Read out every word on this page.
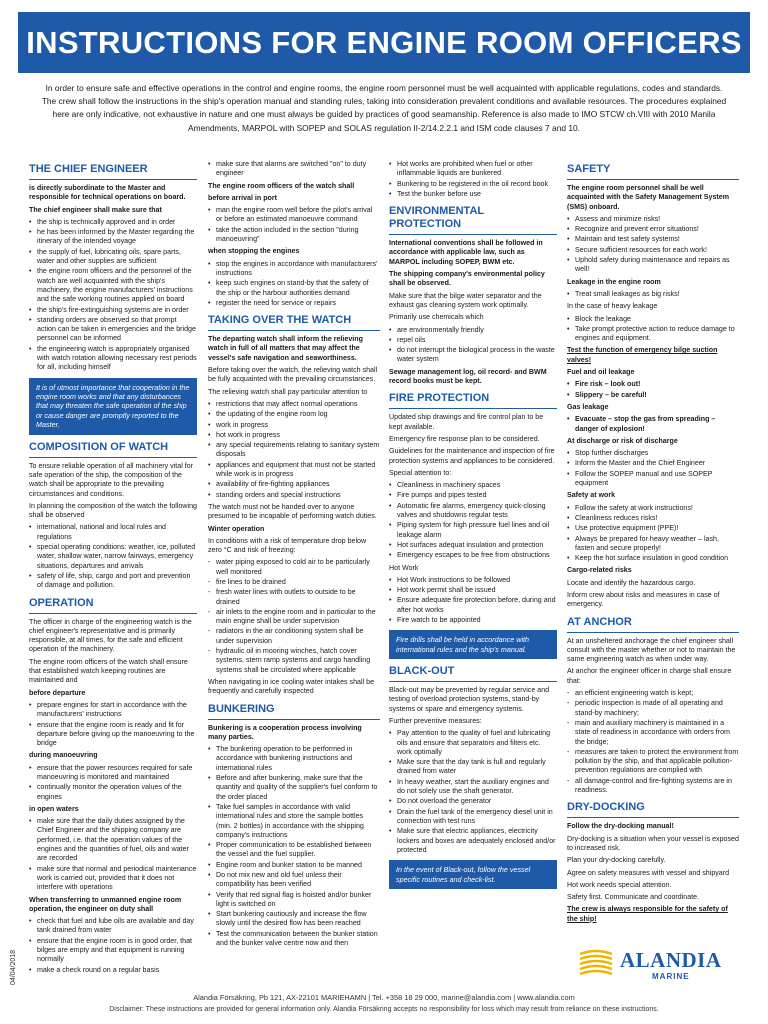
INSTRUCTIONS FOR ENGINE ROOM OFFICERS

In order to ensure safe and effective operations in the control and engine rooms, the engine room personnel must be well acquainted with applicable regulations, codes and standards. The crew shall follow the instructions in the ship's operation manual and standing rules, taking into consideration prevalent conditions and available resources. The procedures explained here are only indicative, not exhaustive in nature and one must always be guided by practices of good seamanship. Reference is also made to IMO STCW ch.VIII with 2010 Manila Amendments, MARPOL with SOPEP and SOLAS regulation II-2/14.2.2.1 and ISM code clauses 7 and 10.

THE CHIEF ENGINEER

is directly subordinate to the Master and responsible for technical operations on board.

The chief engineer shall make sure that

• the ship is technically approved and in order
• he has been informed by the Master regarding the itinerary of the intended voyage
• the supply of fuel, lubricating oils, spare parts, water and other supplies are sufficient
• the engine room officers and the personnel of the watch are well acquainted with the ship's machinery, the engine manufacturers' instructions and the safe working routines applied on board
• the ship's fire-extinguishing systems are in order
• standing orders are observed so that prompt action can be taken in emergencies and the bridge personnel can be informed
• the engineering watch is appropriately organised with watch rotation allowing necessary rest periods for all, including himself
It is of utmost importance that cooperation in the engine room works and that any disturbances that may threaten the safe operation of the ship or cause danger are promptly reported to the Master.
COMPOSITION OF WATCH

To ensure reliable operation of all machinery vital for safe operation of the ship, the composition of the watch shall be appropriate to the prevailing circumstances and conditions.

In planning the composition of the watch the following shall be observed

• international, national and local rules and regulations
• special operating conditions: weather, ice, polluted water, shallow water, narrow fairways, emergency situations, departures and arrivals
• safety of life, ship, cargo and port and prevention of damage and pollution.
OPERATION

The officer in charge of the engineering watch is the chief engineer's representative and is primarily responsible, at all times, for the safe and efficient operation of the machinery.

The engine room officers of the watch shall ensure that established watch keeping routines are maintained and

before departure

• prepare engines for start in accordance with the manufacturers' instructions
• ensure that the engine room is ready and fit for departure before giving up the manoeuvring to the bridge

during manoeuvring

• ensure that the power resources required for safe manoeuvring is monitored and maintained
• continually monitor the operation values of the engines

in open waters

• make sure that the daily duties assigned by the Chief Engineer and the shipping company are performed, i.e. that the operation values of the engines and the quantities of fuel, oils and water are recorded
• make sure that normal and periodical maintenance work is carried out, provided that it does not interfere with operations

When transferring to unmanned engine room operation, the engineer on duty shall

• check that fuel and lube oils are available and day tank drained from water
• ensure that the engine room is in good order, that bilges are empty and that equipment is running normally
• make a check round on a regular basis
• make sure that alarms are switched "on" to duty engineer

The engine room officers of the watch shall

before arrival in port

• man the engine room well before the pilot's arrival or before an estimated manoeuvre command
• take the action included in the section "during manoeuvring"

when stopping the engines

• stop the engines in accordance with manufacturers' instructions
• keep such engines on stand-by that the safety of the ship or the harbour authorities demand
• register the need for service or repairs
TAKING OVER THE WATCH

The departing watch shall inform the relieving watch in full of all matters that may affect the vessel's safe navigation and seaworthiness.

Before taking over the watch, the relieving watch shall be fully acquainted with the prevailing circumstances.

The relieving watch shall pay particular attention to

• restrictions that may affect normal operations
• the updating of the engine room log
• work in progress
• hot work in progress
• any special requirements relating to sanitary system disposals
• appliances and equipment that must not be started while work is in progress
• availability of fire-fighting appliances
• standing orders and special instructions

The watch must not be handed over to anyone presumed to be incapable of performing watch duties.

Winter operation

In conditions with a risk of temperature drop below zero °C and risk of freezing:

- water piping exposed to cold air to be particularly well monitored
- fire lines to be drained
- fresh water lines with outlets to outside to be drained
- air inlets to the engine room and in particular to the main engine shall be under supervision
- radiators in the air conditioning system shall be under supervision
- hydraulic oil in mooring winches, hatch cover systems, stern ramp systems and cargo handling systems shall be circulated where applicable

When navigating in ice cooling water intakes shall be frequently and carefully inspected

BUNKERING

Bunkering is a cooperation process involving many parties.

• The bunkering operation to be performed in accordance with bunkering instructions and international rules
• Before and after bunkering, make sure that the quantity and quality of the supplier's fuel conform to the order placed
• Take fuel samples in accordance with valid international rules and store the sample bottles (min. 2 bottles) in accordance with the shipping company's instructions
• Proper communication to be established between the vessel and the fuel supplier.
• Engine room and bunker station to be manned
• Do not mix new and old fuel unless their compatibility has been verified
• Verify that red signal flag is hoisted and/or bunker light is switched on
• Start bunkering cautiously and increase the flow slowly until the desired flow has been reached
• Test the communication between the bunker station and the bunker valve centre now and then
• Hot works are prohibited when fuel or other inflammable liquids are bunkered
• Bunkering to be registered in the oil record book
• Test the bunker before use
ENVIRONMENTAL PROTECTION

International conventions shall be followed in accordance with applicable law, such as MARPOL including SOPEP, BWM etc.

The shipping company's environmental policy shall be observed.

Make sure that the bilge water separator and the exhaust gas cleaning system work optimally.

Primarily use chemicals which

• are environmentally friendly
• repel oils
• do not interrupt the biological process in the waste water system

Sewage management log, oil record- and BWM record books must be kept.

FIRE PROTECTION

Updated ship drawings and fire control plan to be kept available.

Emergency fire response plan to be considered.

Guidelines for the maintenance and inspection of fire protection systems and appliances to be considered.

Special attention to:

• Cleanliness in machinery spaces
• Fire pumps and pipes tested
• Automatic fire alarms, emergency quick-closing valves and shutdowns regular tests
• Piping system for high pressure fuel lines and oil leakage alarm
• Hot surfaces adequat insulation and protection
• Emergency escapes to be free from obstructions

Hot Work

• Hot Work instructions to be followed
• Hot work permit shall be issued
• Ensure adequate fire protection before, during and after hot works
• Fire watch to be appointed
Fire drills shall be held in accordance with international rules and the ship's manual.
BLACK-OUT

Black-out may be prevented by regular service and testing of overload protection systems, stand-by systems or spare and emergency systems.

Further preventive measures:

• Pay attention to the quality of fuel and lubricating oils and ensure that separators and filters etc. work optimally
• Make sure that the day tank is full and regularly drained from water
• In heavy weather, start the auxiliary engines and do not solely use the shaft generator.
• Do not overload the generator
• Drain the fuel tank of the emergency diesel unit in connection with test runs
• Make sure that electric appliances, electricity lockers and boxes are adequately enclosed and/or protected
In the event of Black-out, follow the vessel specific routines and check-list.
SAFETY

The engine room personnel shall be well acquainted with the Safety Management System (SMS) onboard.

• Assess and minimize risks!
• Recognize and prevent error situations!
• Maintain and test safety systems!
• Secure sufficient resources for each work!
• Uphold safety during maintenance and repairs as well!

Leakage in the engine room

• Treat small leakages as big risks!

In the case of heavy leakage

• Block the leakage
• Take prompt protective action to reduce damage to engines and equipment.

Test the function of emergency bilge suction valves!

Fuel and oil leakage

• Fire risk – look out!
• Slippery – be careful!

Gas leakage

• Evacuate – stop the gas from spreading – danger of explosion!

At discharge or risk of discharge

• Stop further discharges
• Inform the Master and the Chief Engineer
• Follow the SOPEP manual and use SOPEP equipment

Safety at work

• Follow the safety at work instructions!
• Cleanliness reduces risks!
• Use protective equipment (PPE)!
• Always be prepared for heavy weather – lash, fasten and secure properly!
• Keep the hot surface insulation in good condition

Cargo-related risks

Locate and identify the hazardous cargo.

Inform crew about risks and measures in case of emergency.

AT ANCHOR

At an unsheltered anchorage the chief engineer shall consult with the master whether or not to maintain the same engineering watch as when under way.

At anchor the engineer officer in charge shall ensure that:

- an efficient engineering watch is kept;
- periodic inspection is made of all operating and stand-by machinery;
- main and auxiliary machinery is maintained in a state of readiness in accordance with orders from the bridge;
- measures are taken to protect the environment from pollution by the ship, and that applicable pollution-prevention regulations are complied with
- all damage-control and fire-fighting systems are in readiness.
DRY-DOCKING

Follow the dry-docking manual!

Dry-docking is a situation when your vessel is exposed to increased risk.

Plan your dry-docking carefully.

Agree on safety measures with vessel and shipyard

Hot work needs special attention.

Safety first. Communicate and coordinate.

The crew is always responsible for the safety of the ship!

ALANDIA
MARINE
04/04/2018
Alandia Försäkring, Pb 121, AX-22101 MARIEHAMN | Tel. +358 18 29 000, marine@alandia.com | www.alandia.com
Disclaimer: These instructions are provided for general information only. Alandia Försäkring accepts no responsibility for loss which may result from reliance on these instructions.
